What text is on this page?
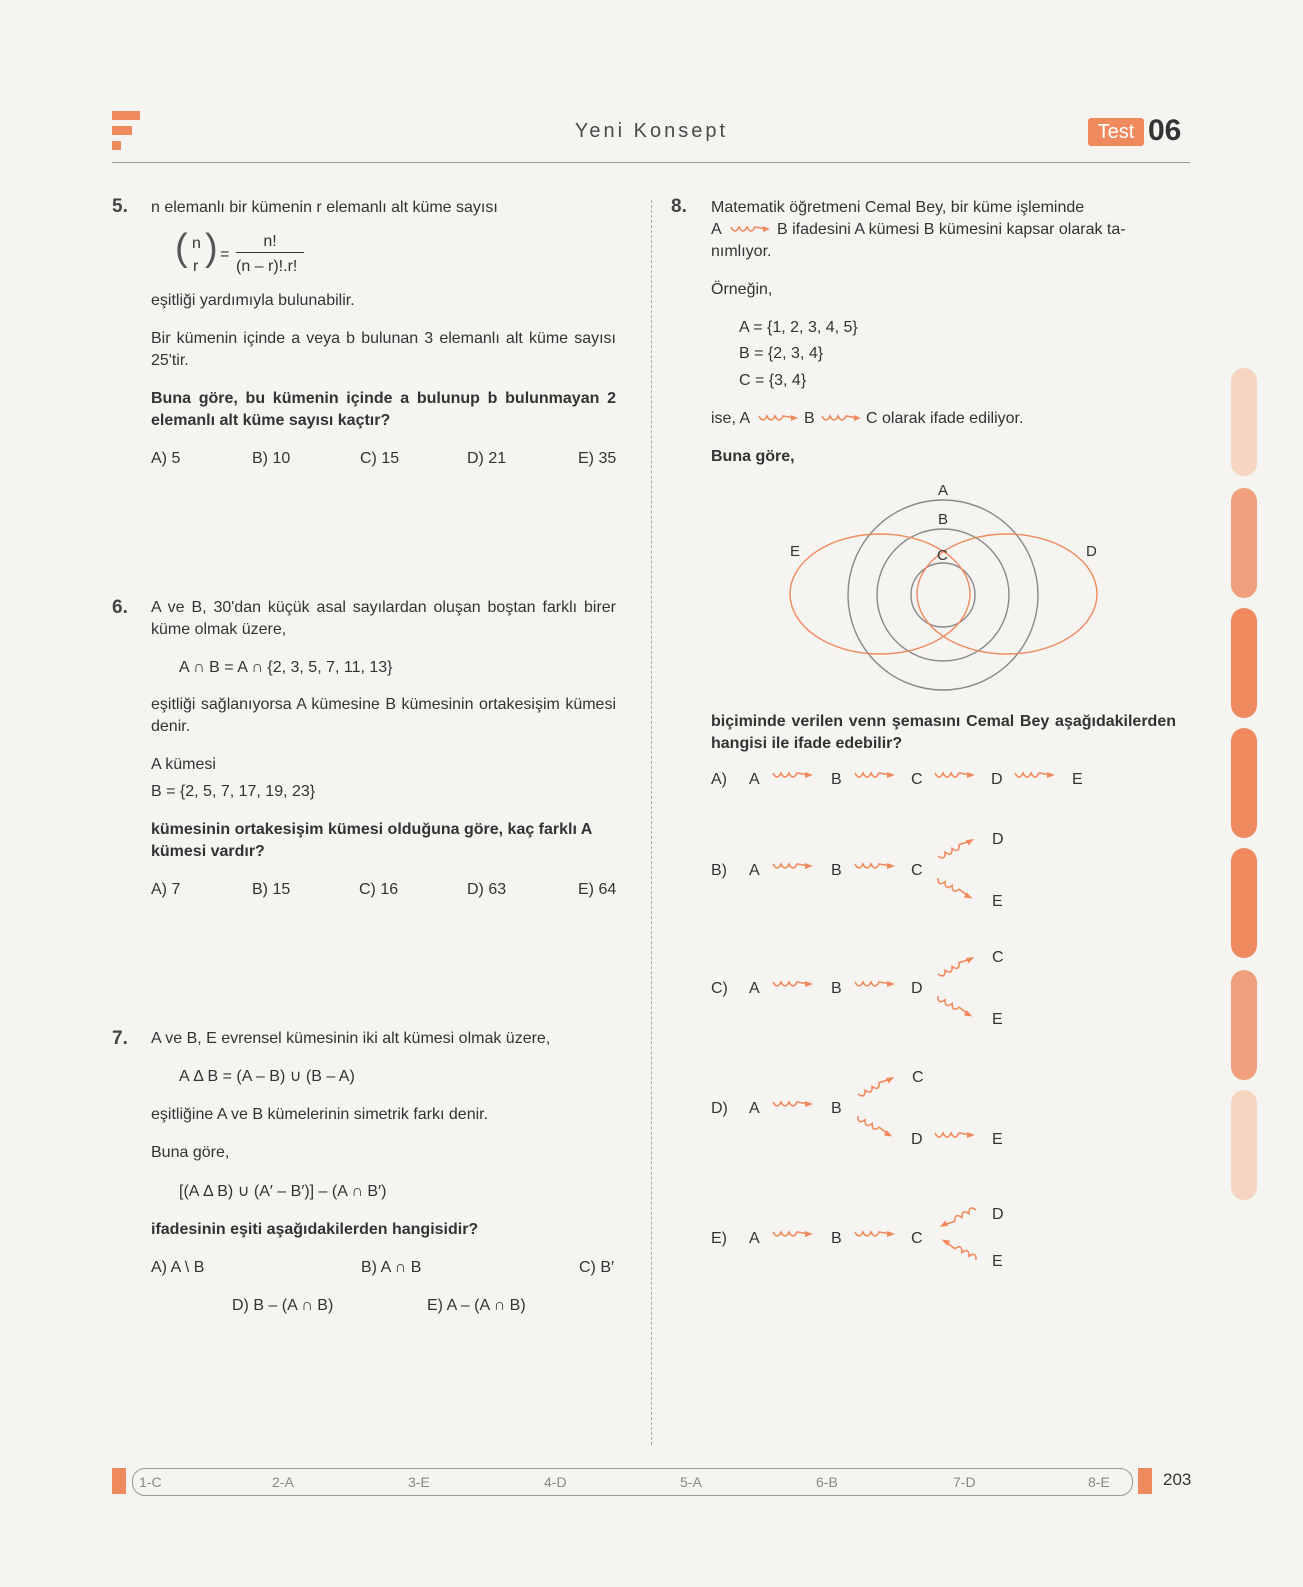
Yeni Konsept	Test 06
5. n elemanlı bir kümenin r elemanlı alt küme sayısı
( n
r ) =
n!
(n – r)!.r!
eşitliği yardımıyla bulunabilir.
Bir kümenin içinde a veya b bulunan 3 elemanlı alt küme sayısı 25'tir.
Buna göre, bu kümenin içinde a bulunup b bulunmayan 2 elemanlı alt küme sayısı kaçtır?
A) 5	B) 10	C) 15	D) 21	E) 35
6. A ve B, 30'dan küçük asal sayılardan oluşan boştan farklı birer küme olmak üzere,
A ∩ B = A ∩ {2, 3, 5, 7, 11, 13}
eşitliği sağlanıyorsa A kümesine B kümesinin ortakesişim kümesi denir.
A kümesi
B = {2, 5, 7, 17, 19, 23}
kümesinin ortakesişim kümesi olduğuna göre, kaç farklı A kümesi vardır?
A) 7	B) 15	C) 16	D) 63	E) 64
7. A ve B, E evrensel kümesinin iki alt kümesi olmak üzere,
A Δ B = (A – B) ∪ (B – A)
eşitliğine A ve B kümelerinin simetrik farkı denir.
Buna göre,
[(A Δ B) ∪ (A′ – B′)] – (A ∩ B′)
ifadesinin eşiti aşağıdakilerden hangisidir?
A) A \ B	B) A ∩ B	C) B′
D) B – (A ∩ B)	E) A – (A ∩ B)
8. Matematik öğretmeni Cemal Bey, bir küme işleminde
A	B ifadesini A kümesi B kümesini kapsar olarak ta-
nımlıyor.
Örneğin,
A = {1, 2, 3, 4, 5}
B = {2, 3, 4}
C = {3, 4}
ise, A	B	C olarak ifade ediliyor.
Buna göre,
A
B
C
E	D
biçiminde verilen venn şemasını Cemal Bey aşağıdakilerden hangisi ile ifade edebilir?
A) A	B	C	D	E
B) A	B	C
D
E
C) A	B	D
C
E
D) A	B
C
D	E
E) A	B	C
D
E
1-C	2-A	3-E	4-D	5-A	6-B	7-D	8-E	203
